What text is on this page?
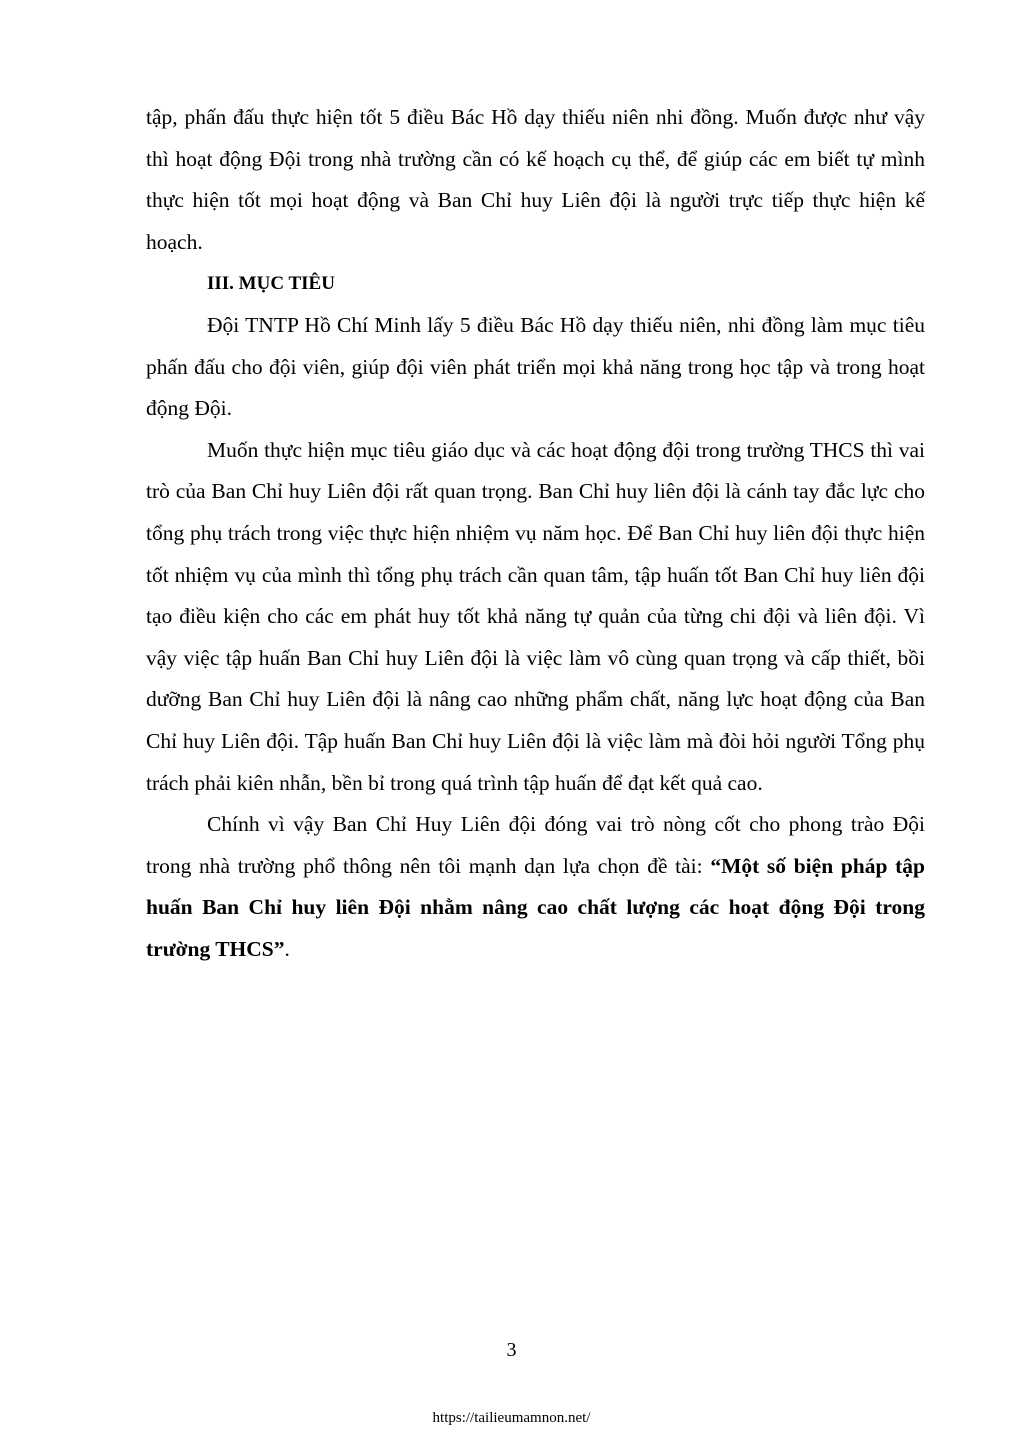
tập, phấn đấu thực hiện tốt 5 điều Bác Hồ dạy thiếu niên nhi đồng. Muốn được như vậy thì hoạt động Đội trong nhà trường cần có kế hoạch cụ thể, để giúp các em biết tự mình thực hiện tốt mọi hoạt động và Ban Chỉ huy Liên đội là người trực tiếp thực hiện kế hoạch.

III. MỤC TIÊU

Đội TNTP Hồ Chí Minh lấy 5 điều Bác Hồ dạy thiếu niên, nhi đồng làm mục tiêu phấn đấu cho đội viên, giúp đội viên phát triển mọi khả năng trong học tập và trong hoạt động Đội.

Muốn thực hiện mục tiêu giáo dục và các hoạt động đội trong trường THCS thì vai trò của Ban Chỉ huy Liên đội rất quan trọng. Ban Chỉ huy liên đội là cánh tay đắc lực cho tổng phụ trách trong việc thực hiện nhiệm vụ năm học. Để Ban Chỉ huy liên đội thực hiện tốt nhiệm vụ của mình thì tổng phụ trách cần quan tâm, tập huấn tốt Ban Chỉ huy liên đội tạo điều kiện cho các em phát huy tốt khả năng tự quản của từng chi đội và liên đội. Vì vậy việc tập huấn Ban Chỉ huy Liên đội là việc làm vô cùng quan trọng và cấp thiết, bồi dưỡng Ban Chỉ huy Liên đội là nâng cao những phẩm chất, năng lực hoạt động của Ban Chỉ huy Liên đội. Tập huấn Ban Chỉ huy Liên đội là việc làm mà đòi hỏi người Tổng phụ trách phải kiên nhẫn, bền bỉ trong quá trình tập huấn để đạt kết quả cao.

Chính vì vậy Ban Chỉ Huy Liên đội đóng vai trò nòng cốt cho phong trào Đội trong nhà trường phổ thông nên tôi mạnh dạn lựa chọn đề tài: “Một số biện pháp tập huấn Ban Chỉ huy liên Đội nhằm nâng cao chất lượng các hoạt động Đội trong trường THCS”.

3
https://tailieumamnon.net/
